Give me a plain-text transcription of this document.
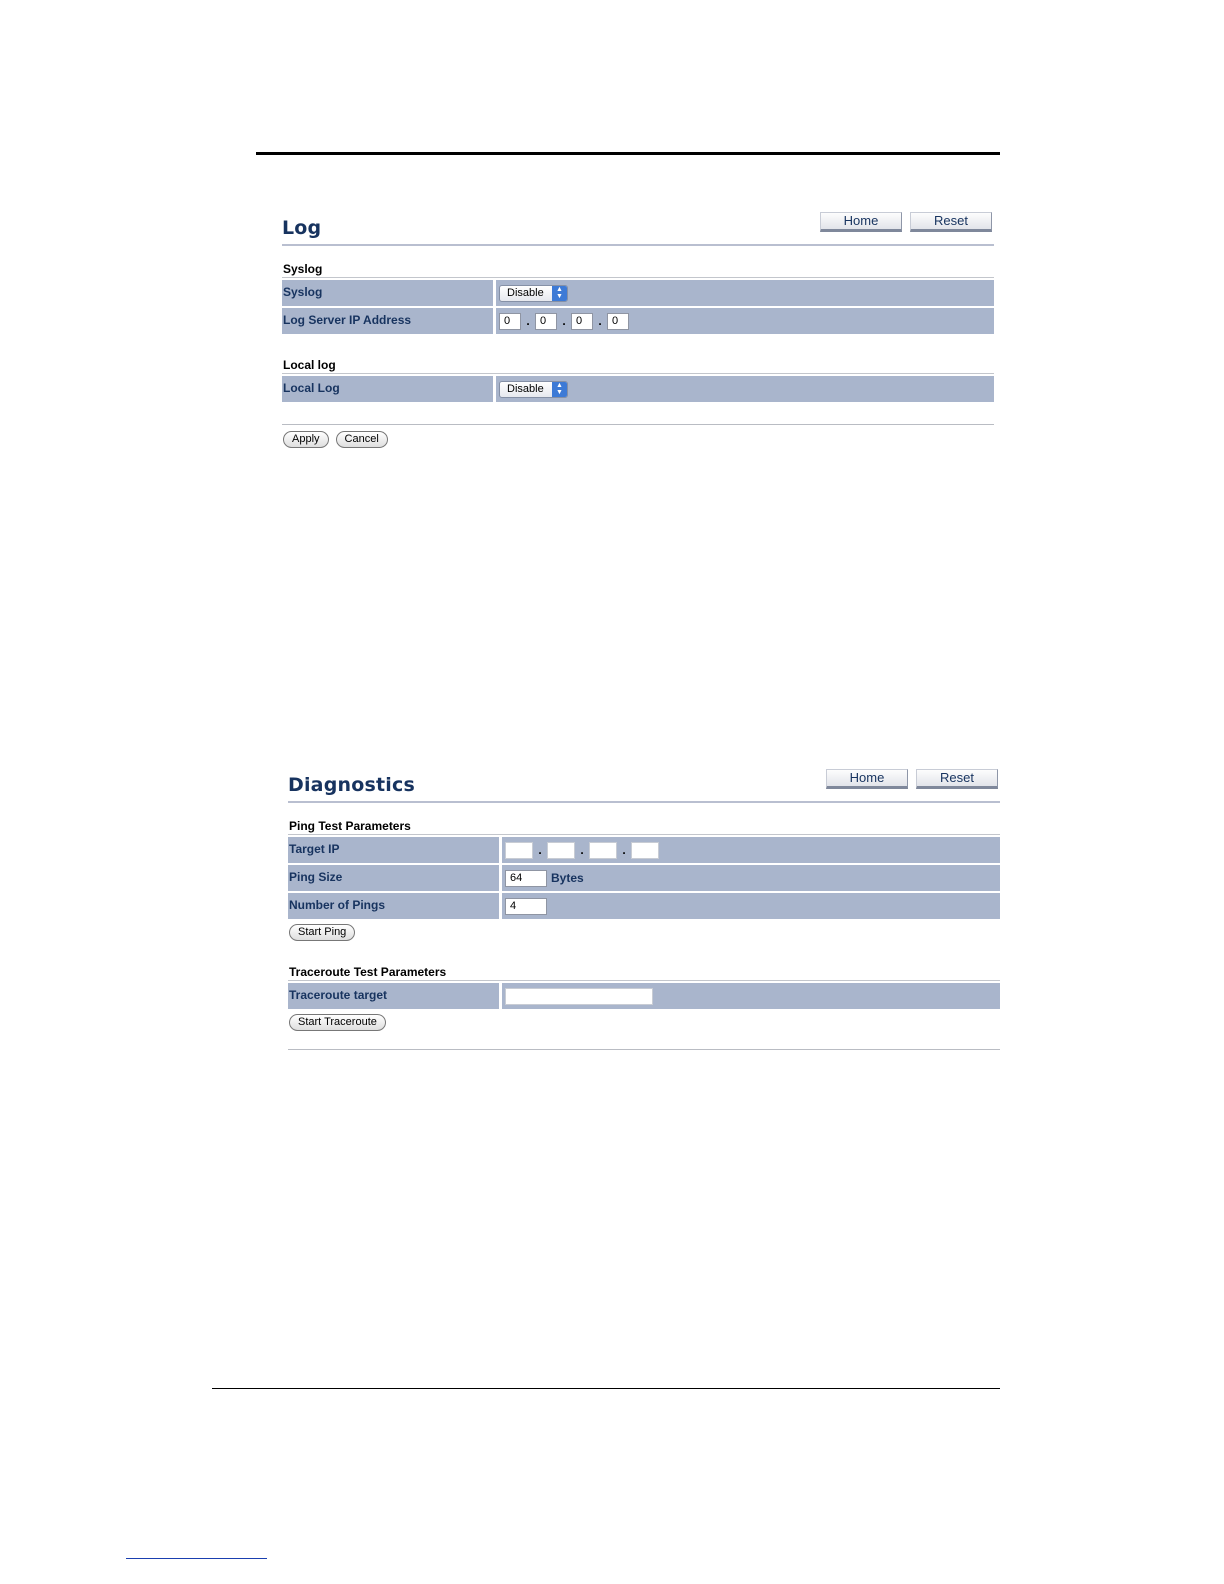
Log	Home	Reset
Syslog
Syslog	Disable ▲
▼
Log Server IP Address	0	. 0	. 0	. 0
Local log
Local Log	Disable ▲
▼
Apply	Cancel
Diagnostics	Home	Reset
Ping Test Parameters
Target IP	.	.	.
Ping Size	64	Bytes
Number of Pings	4
Start Ping
Traceroute Test Parameters
Traceroute target
Start Traceroute
